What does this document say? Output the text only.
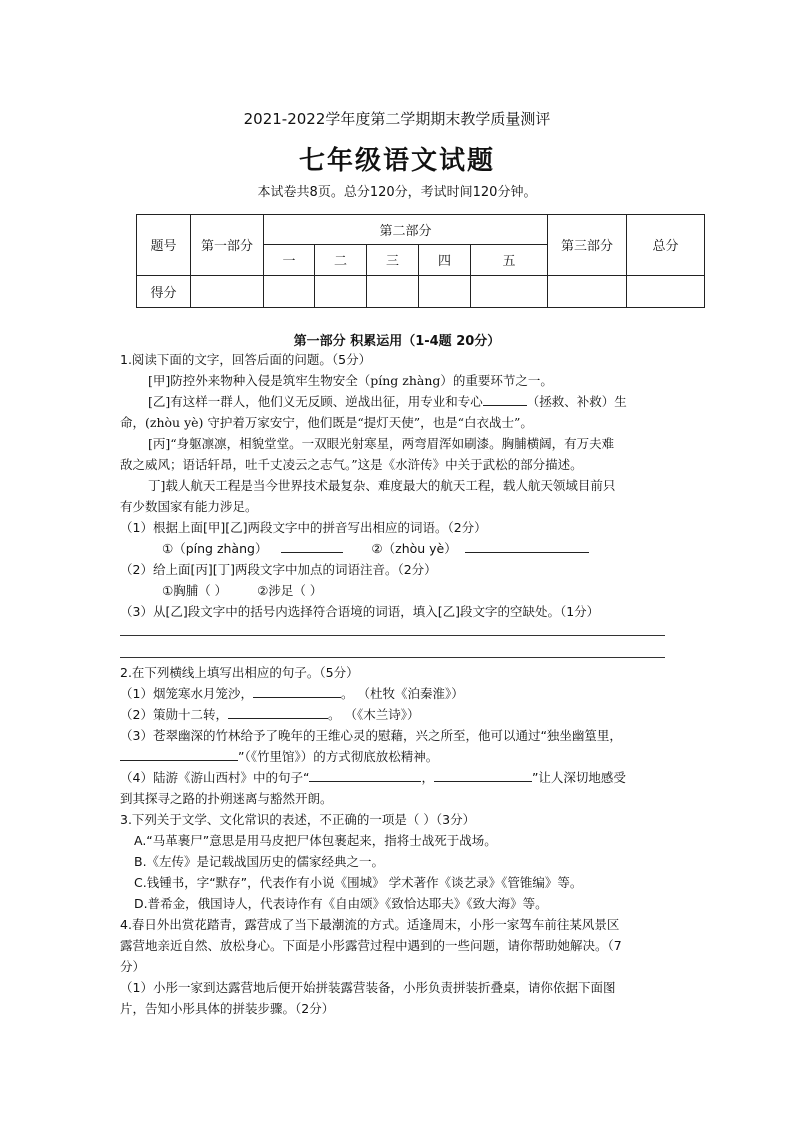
2021-2022学年度第二学期期末教学质量测评
七年级语文试题
本试卷共8页。总分120分，考试时间120分钟。
题号	第一部分	第二部分					第三部分	总分
		一	二	三	四	五		
得分								
第一部分 积累运用（1-4题 20分）
1.阅读下面的文字，回答后面的问题。（5分）
[甲]防控外来物种入侵是筑牢生物安全（píng zhàng）的重要环节之一。
[乙]有这样一群人，他们义无反顾、逆战出征，用专业和专心	（拯救、补救）生
命，(zhòu yè) 守护着万家安宁，他们既是“提灯天使”，也是“白衣战士”。
[丙]“身躯凛凛，相貌堂堂。一双眼光射寒星，两弯眉浑如刷漆。胸脯横阔，有万夫难
敌之威风；语话轩昂，吐千丈凌云之志气。”这是《水浒传》中关于武松的部分描述。
丁]载人航天工程是当今世界技术最复杂、难度最大的航天工程，载人航天领域目前只
有少数国家有能力涉足。
（1）根据上面[甲][乙]两段文字中的拼音写出相应的词语。（2分）
①（píng zhàng）	②（zhòu yè）
（2）给上面[丙][丁]两段文字中加点的词语注音。（2分）
①胸脯（ ） ②涉足（ ）
（3）从[乙]段文字中的括号内选择符合语境的词语，填入[乙]段文字的空缺处。（1分）
2.在下列横线上填写出相应的句子。（5分）
（1）烟笼寒水月笼沙，	。 （杜牧《泊秦淮》）
（2）策勋十二转，	。 （《木兰诗》）
（3）苍翠幽深的竹林给予了晚年的王维心灵的慰藉，兴之所至，他可以通过“独坐幽篁里，
”（《竹里馆》）的方式彻底放松精神。
（4）陆游《游山西村》中的句子“	，	”让人深切地感受
到其探寻之路的扑朔迷离与豁然开朗。
3.下列关于文学、文化常识的表述，不正确的一项是（ ）（3分）
A.“马革裹尸”意思是用马皮把尸体包裹起来，指将士战死于战场。
B.《左传》是记载战国历史的儒家经典之一。
C.钱锺书，字“默存”，代表作有小说《围城》 学术著作《谈艺录》《管锥编》等。
D.普希金，俄国诗人，代表诗作有《自由颂》《致恰达耶夫》《致大海》等。
4.春日外出赏花踏青，露营成了当下最潮流的方式。适逢周末，小彤一家驾车前往某风景区
露营地亲近自然、放松身心。下面是小彤露营过程中遇到的一些问题，请你帮助她解决。（7
分）
（1）小彤一家到达露营地后便开始拼装露营装备，小彤负责拼装折叠桌，请你依据下面图
片，告知小彤具体的拼装步骤。（2分）
